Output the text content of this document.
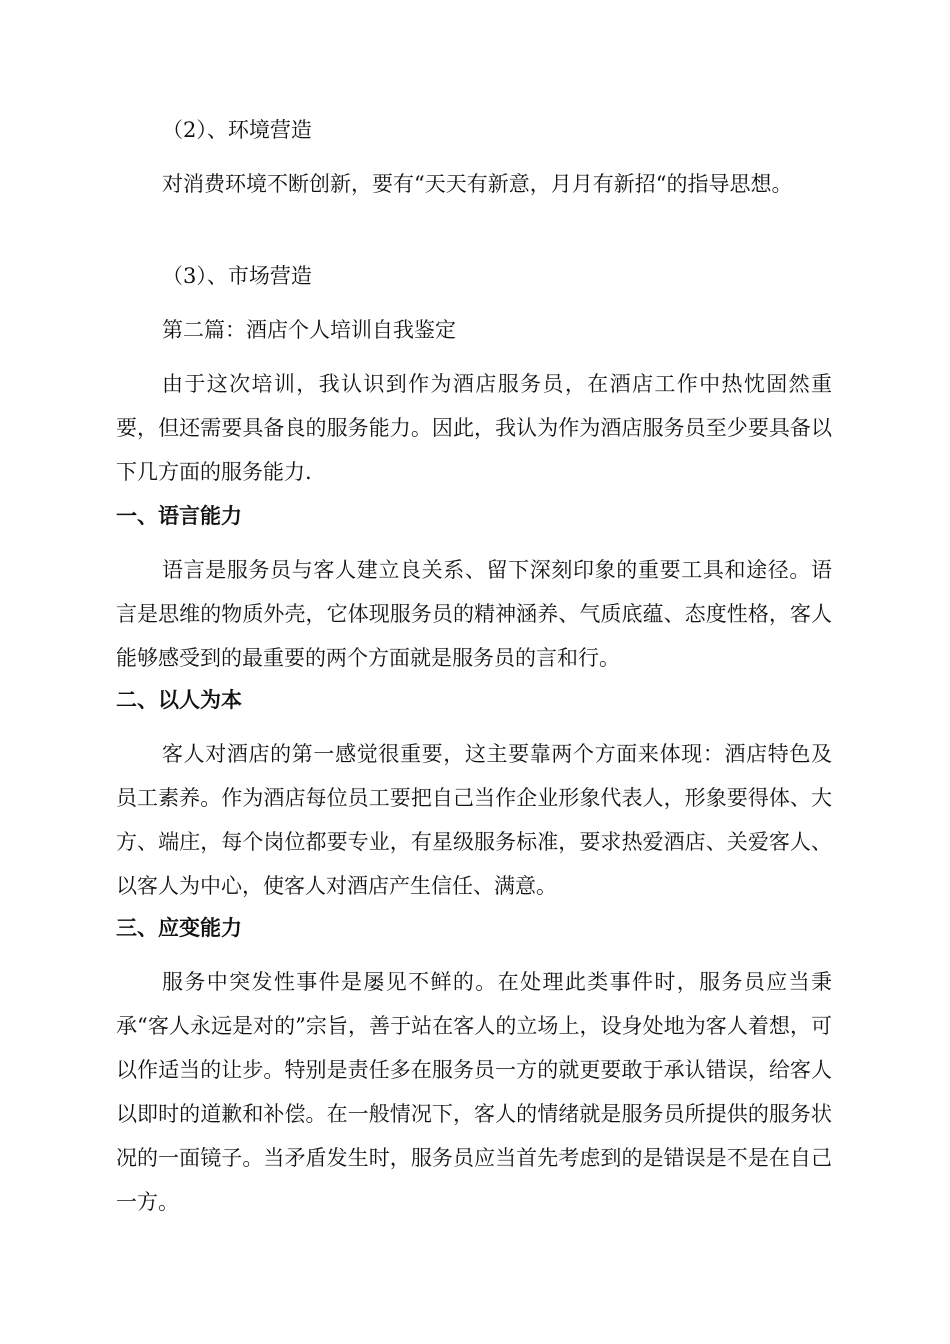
（2）、环境营造

对消费环境不断创新，要有“天天有新意，月月有新招“的指导思想。

（3）、市场营造

第二篇：酒店个人培训自我鉴定

由于这次培训，我认识到作为酒店服务员，在酒店工作中热忱固然重要，但还需要具备良的服务能力。因此，我认为作为酒店服务员至少要具备以下几方面的服务能力.

一、语言能力

语言是服务员与客人建立良关系、留下深刻印象的重要工具和途径。语言是思维的物质外壳，它体现服务员的精神涵养、气质底蕴、态度性格，客人能够感受到的最重要的两个方面就是服务员的言和行。

二、以人为本

客人对酒店的第一感觉很重要，这主要靠两个方面来体现：酒店特色及员工素养。作为酒店每位员工要把自己当作企业形象代表人，形象要得体、大方、端庄，每个岗位都要专业，有星级服务标准，要求热爱酒店、关爱客人、以客人为中心，使客人对酒店产生信任、满意。

三、应变能力

服务中突发性事件是屡见不鲜的。在处理此类事件时，服务员应当秉承“客人永远是对的”宗旨，善于站在客人的立场上，设身处地为客人着想，可以作适当的让步。特别是责任多在服务员一方的就更要敢于承认错误，给客人以即时的道歉和补偿。在一般情况下，客人的情绪就是服务员所提供的服务状况的一面镜子。当矛盾发生时，服务员应当首先考虑到的是错误是不是在自己一方。
